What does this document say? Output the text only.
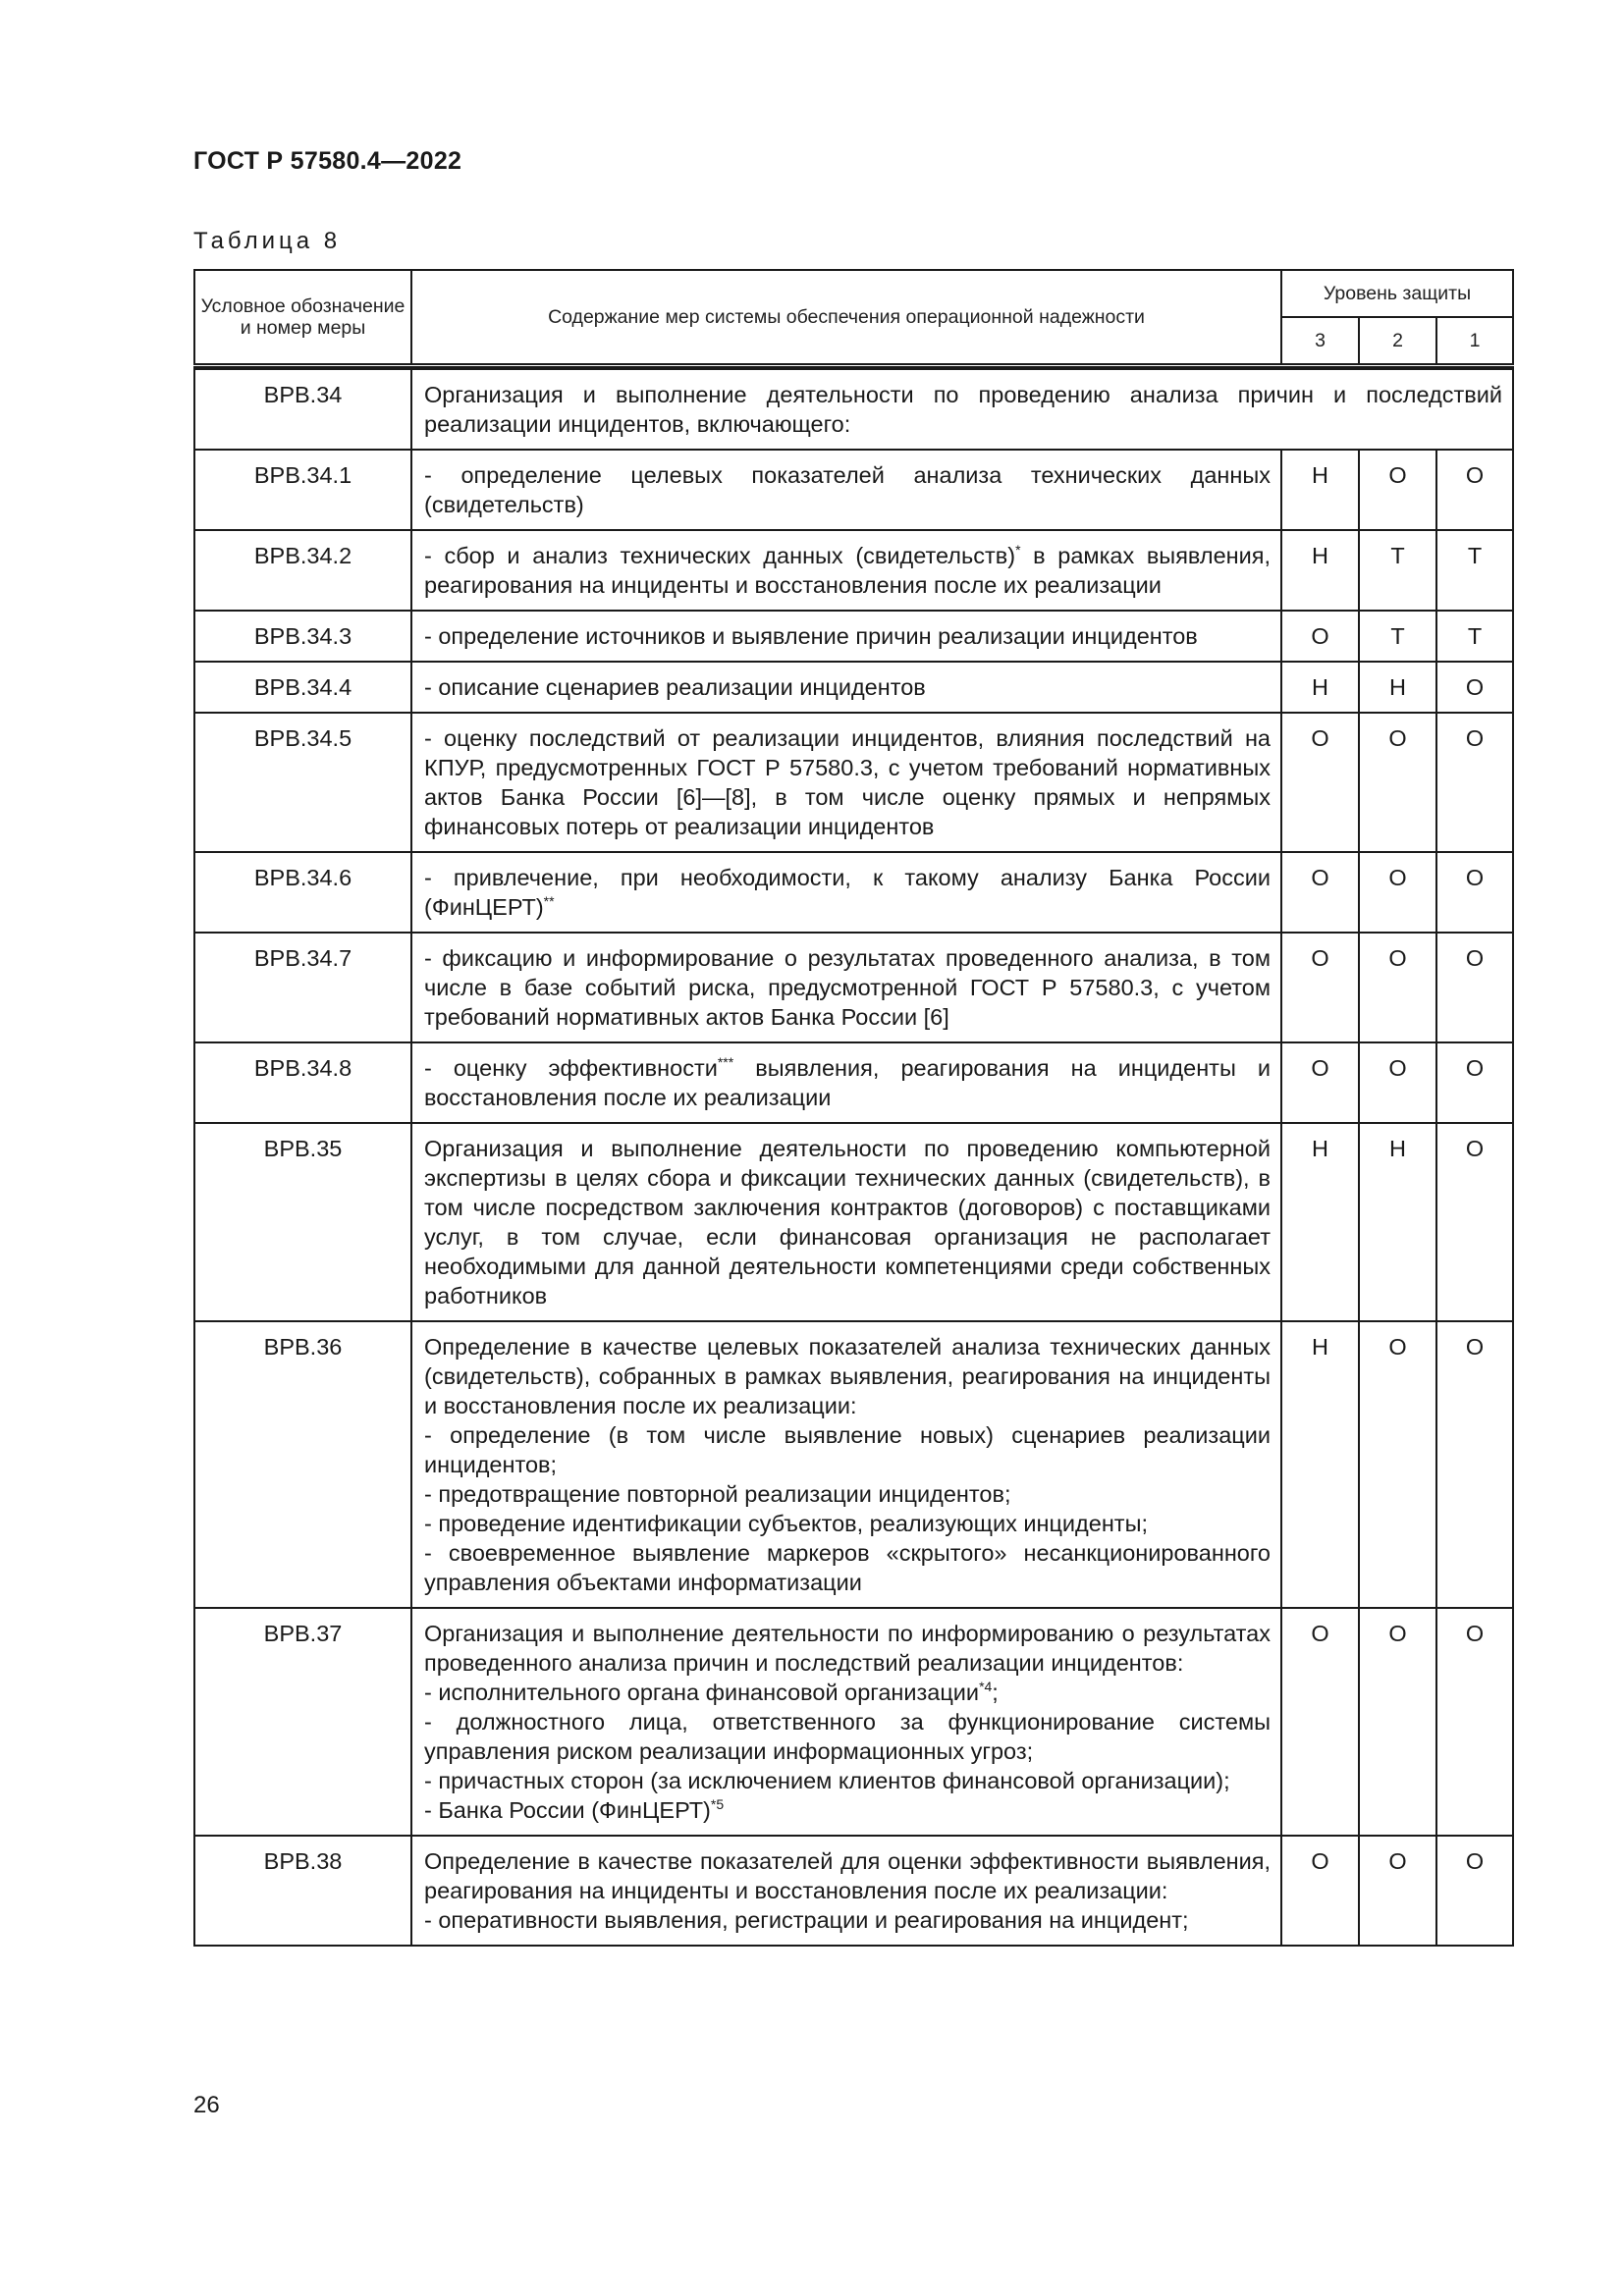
ГОСТ Р 57580.4—2022
Таблица 8
Условное обозначение и номер меры	Содержание мер системы обеспечения операционной надежности	Уровень защиты		
		3	2	1

ВРВ.34	Организация и выполнение деятельности по проведению анализа причин и последствий реализации инцидентов, включающего:			

ВРВ.34.1	- определение целевых показателей анализа технических данных (свидетельств)	Н	О	О
ВРВ.34.2	- сбор и анализ технических данных (свидетельств)* в рамках выявления, реагирования на инциденты и восстановления после их реализации	Н	Т	Т
ВРВ.34.3	- определение источников и выявление причин реализации инцидентов	О	Т	Т
ВРВ.34.4	- описание сценариев реализации инцидентов	Н	Н	О
ВРВ.34.5	- оценку последствий от реализации инцидентов, влияния последствий на КПУР, предусмотренных ГОСТ Р 57580.3, с учетом требований нормативных актов Банка России [6]—[8], в том числе оценку прямых и непрямых финансовых потерь от реализации инцидентов	О	О	О
ВРВ.34.6	- привлечение, при необходимости, к такому анализу Банка России (ФинЦЕРТ)**	О	О	О
ВРВ.34.7	- фиксацию и информирование о результатах проведенного анализа, в том числе в базе событий риска, предусмотренной ГОСТ Р 57580.3, с учетом требований нормативных актов Банка России [6]	О	О	О
ВРВ.34.8	- оценку эффективности*** выявления, реагирования на инциденты и восстановления после их реализации	О	О	О
ВРВ.35	Организация и выполнение деятельности по проведению компьютерной экспертизы в целях сбора и фиксации технических данных (свидетельств), в том числе посредством заключения контрактов (договоров) с поставщиками услуг, в том случае, если финансовая организация не располагает необходимыми для данной деятельности компетенциями среди собственных работников	Н	Н	О
ВРВ.36	Определение в качестве целевых показателей анализа технических данных (свидетельств), собранных в рамках выявления, реагирования на инциденты и восстановления после их реализации:
- определение (в том числе выявление новых) сценариев реализации инцидентов;
- предотвращение повторной реализации инцидентов;
- проведение идентификации субъектов, реализующих инциденты;
- своевременное выявление маркеров «скрытого» несанкционированного управления объектами информатизации	Н	О	О
ВРВ.37	Организация и выполнение деятельности по информированию о результатах проведенного анализа причин и последствий реализации инцидентов:
- исполнительного органа финансовой организации$^{*4}$;
- должностного лица, ответственного за функционирование системы управления риском реализации информационных угроз;
- причастных сторон (за исключением клиентов финансовой организации);
- Банка России (ФинЦЕРТ)$^{*5}$	О	О	О
ВРВ.38	Определение в качестве показателей для оценки эффективности выявления, реагирования на инциденты и восстановления после их реализации:
- оперативности выявления, регистрации и реагирования на инцидент;	О	О	О
26
